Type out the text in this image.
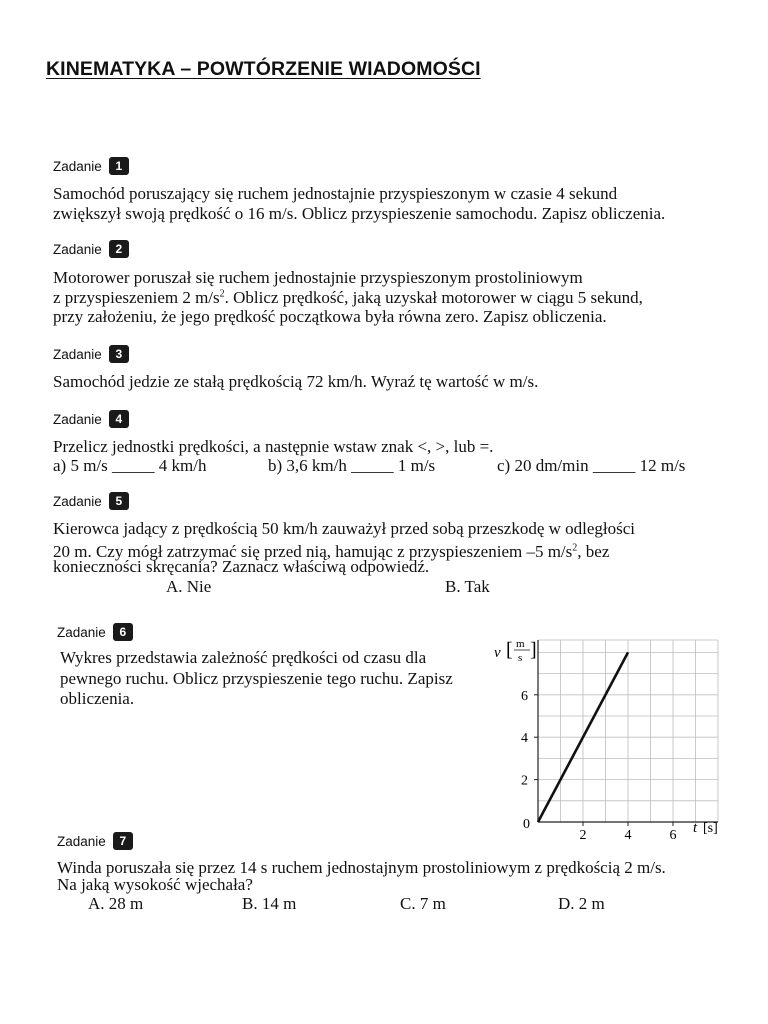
KINEMATYKA – POWTÓRZENIE WIADOMOŚCI
Zadanie	1
Samochód poruszający się ruchem jednostajnie przyspieszonym w czasie 4 sekund
zwiększył swoją prędkość o 16 m/s. Oblicz przyspieszenie samochodu. Zapisz obliczenia.
Zadanie	2
Motorower poruszał się ruchem jednostajnie przyspieszonym prostoliniowym
z przyspieszeniem 2 $m/s^2$. Oblicz prędkość, jaką uzyskał motorower w ciągu 5 sekund,
przy założeniu, że jego prędkość początkowa była równa zero. Zapisz obliczenia.
Zadanie	3
Samochód jedzie ze stałą prędkością 72 km/h. Wyraź tę wartość w m/s.
Zadanie	4
Przelicz jednostki prędkości, a następnie wstaw znak <, >, lub =.
a) 5 m/s _____ 4 km/h	b) 3,6 km/h _____ 1 m/s	c) 20 dm/min _____ 12 m/s
Zadanie	5
Kierowca jadący z prędkością 50 km/h zauważył przed sobą przeszkodę w odległości
20 m. Czy mógł zatrzymać się przed nią, hamując z przyspieszeniem –5 $m/s^2$, bez
konieczności skręcania? Zaznacz właściwą odpowiedź.
A. Nie	B. Tak
Zadanie	6
Wykres przedstawia zależność prędkości od czasu dla
pewnego ruchu. Oblicz przyspieszenie tego ruchu. Zapisz
obliczenia.
2	4	6
2
4
6
v [ m
s ]
t [s]
0
Zadanie	7
Winda poruszała się przez 14 s ruchem jednostajnym prostoliniowym z prędkością 2 m/s.
Na jaką wysokość wjechała?
A. 28 m	B. 14 m	C. 7 m	D. 2 m
